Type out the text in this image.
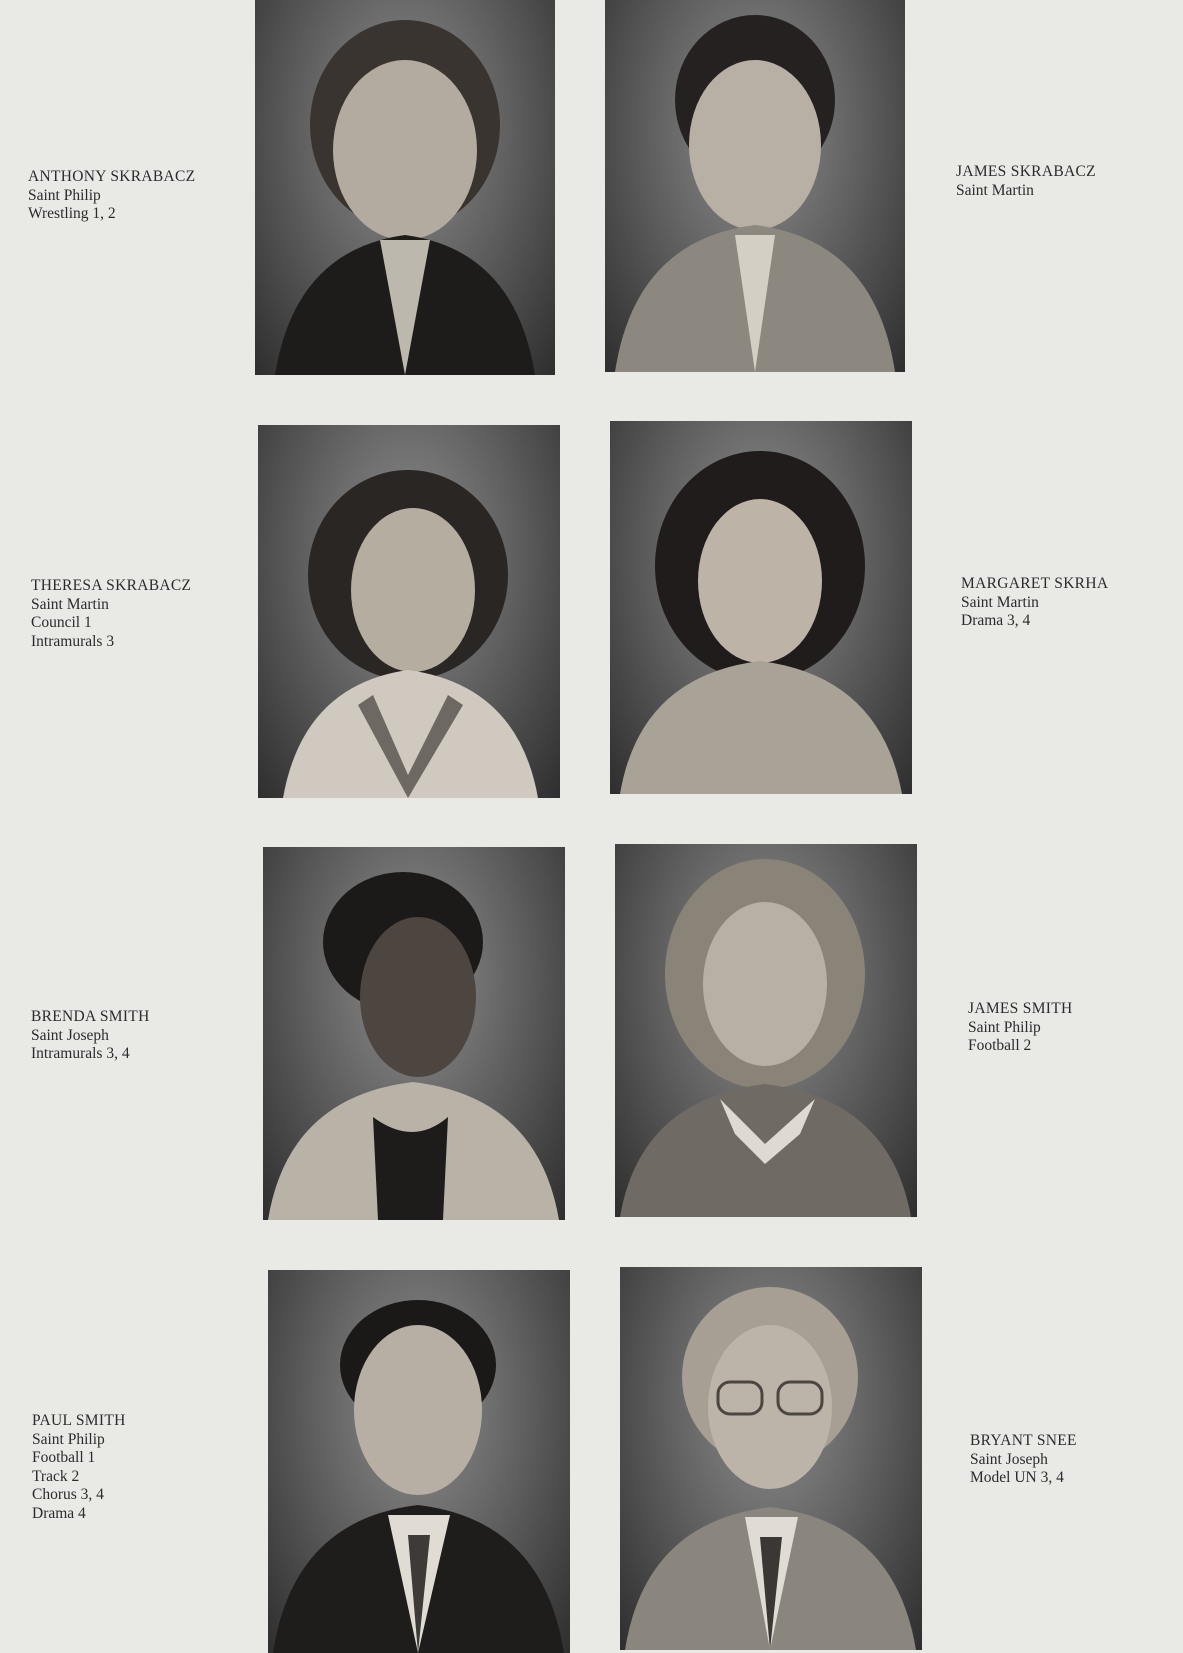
ANTHONY SKRABACZ
Saint Philip
Wrestling 1, 2
JAMES SKRABACZ
Saint Martin
THERESA SKRABACZ
Saint Martin
Council 1
Intramurals 3
MARGARET SKRHA
Saint Martin
Drama 3, 4
BRENDA SMITH
Saint Joseph
Intramurals 3, 4
JAMES SMITH
Saint Philip
Football 2
PAUL SMITH
Saint Philip
Football 1
Track 2
Chorus 3, 4
Drama 4
BRYANT SNEE
Saint Joseph
Model UN 3, 4
